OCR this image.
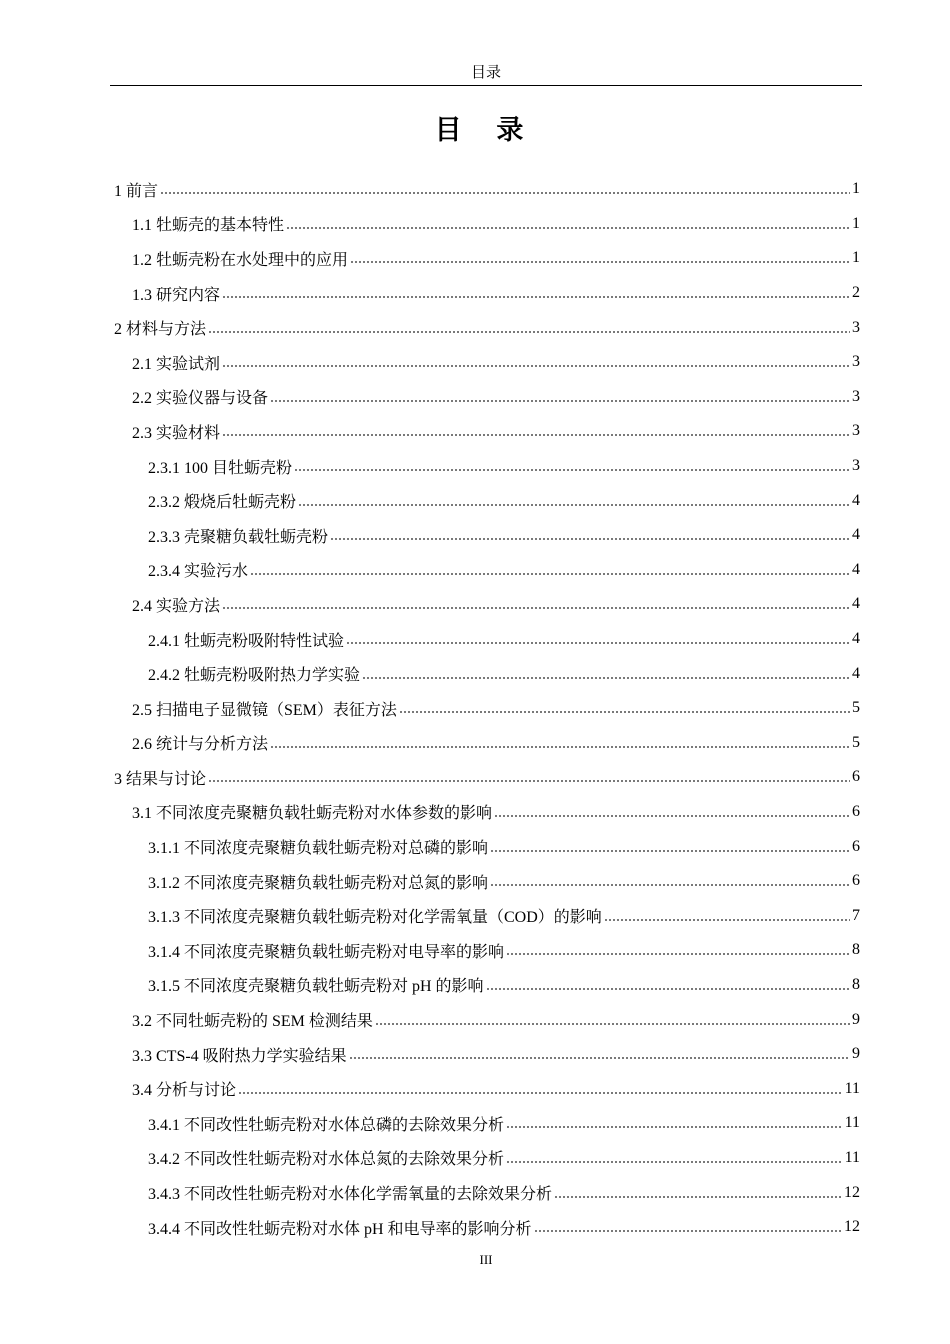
目录
目 录
1 前言	1
1.1 牡蛎壳的基本特性	1
1.2 牡蛎壳粉在水处理中的应用	1
1.3 研究内容	2
2 材料与方法	3
2.1 实验试剂	3
2.2 实验仪器与设备	3
2.3 实验材料	3
2.3.1 100 目牡蛎壳粉	3
2.3.2 煅烧后牡蛎壳粉	4
2.3.3 壳聚糖负载牡蛎壳粉	4
2.3.4 实验污水	4
2.4 实验方法	4
2.4.1 牡蛎壳粉吸附特性试验	4
2.4.2 牡蛎壳粉吸附热力学实验	4
2.5 扫描电子显微镜（SEM）表征方法	5
2.6 统计与分析方法	5
3 结果与讨论	6
3.1 不同浓度壳聚糖负载牡蛎壳粉对水体参数的影响	6
3.1.1 不同浓度壳聚糖负载牡蛎壳粉对总磷的影响	6
3.1.2 不同浓度壳聚糖负载牡蛎壳粉对总氮的影响	6
3.1.3 不同浓度壳聚糖负载牡蛎壳粉对化学需氧量（COD）的影响	7
3.1.4 不同浓度壳聚糖负载牡蛎壳粉对电导率的影响	8
3.1.5 不同浓度壳聚糖负载牡蛎壳粉对 pH 的影响	8
3.2 不同牡蛎壳粉的 SEM 检测结果	9
3.3 CTS-4 吸附热力学实验结果	9
3.4 分析与讨论	11
3.4.1 不同改性牡蛎壳粉对水体总磷的去除效果分析	11
3.4.2 不同改性牡蛎壳粉对水体总氮的去除效果分析	11
3.4.3 不同改性牡蛎壳粉对水体化学需氧量的去除效果分析	12
3.4.4 不同改性牡蛎壳粉对水体 pH 和电导率的影响分析	12
III
